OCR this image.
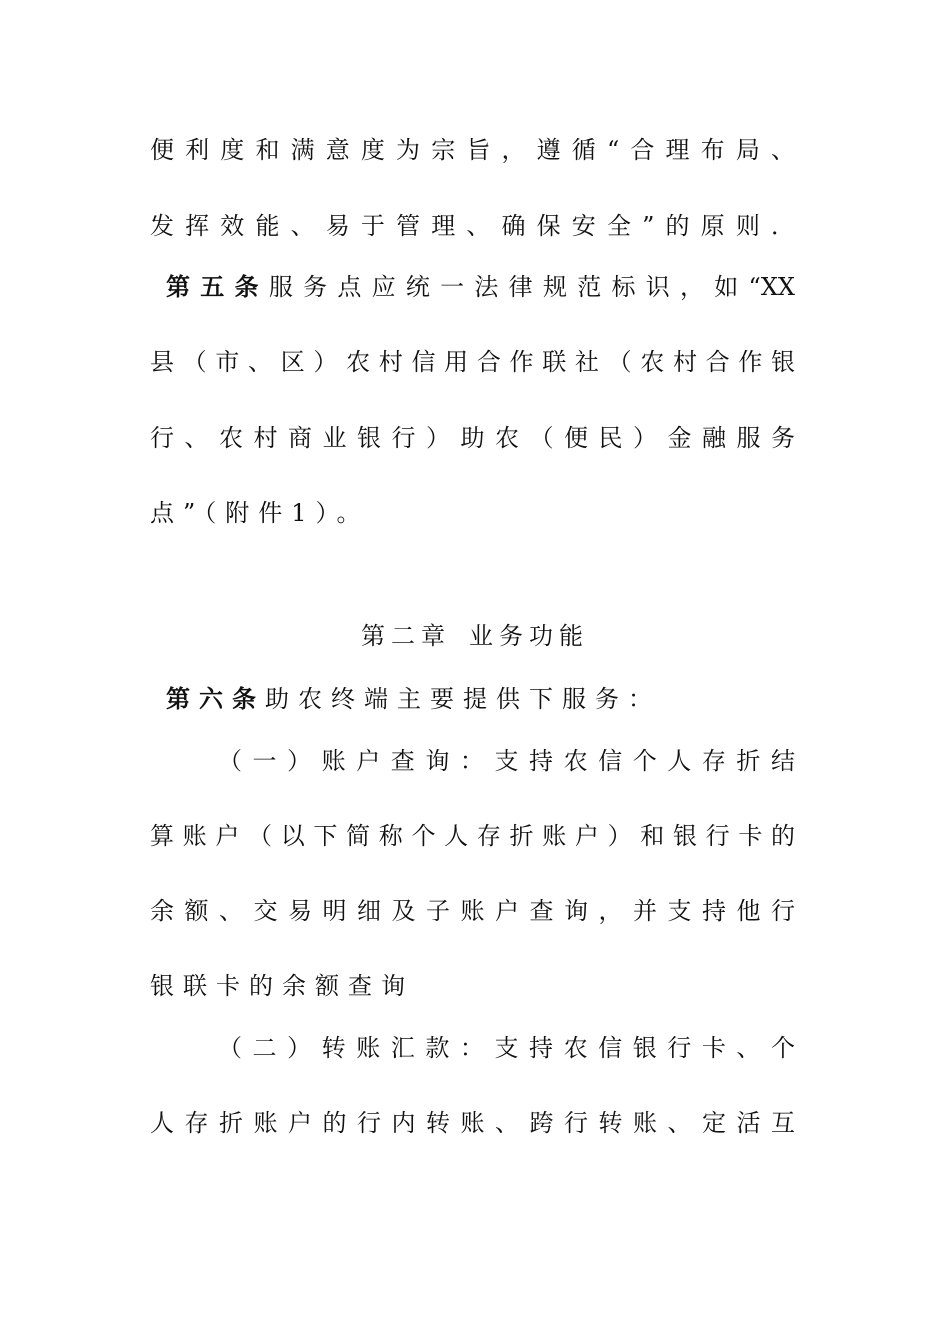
便利度和满意度为宗旨，遵循“合理布局、
发挥效能、易于管理、确保安全”的原则．
第五条服务点应统一法律规范标识，如“XX
县（市、区）农村信用合作联社（农村合作银
行、农村商业银行）助农（便民）金融服务
点”（附件1）。
第二章 业务功能
第六条助农终端主要提供下服务：
（一）账户查询：支持农信个人存折结
算账户（以下简称个人存折账户）和银行卡的
余额、交易明细及子账户查询，并支持他行
银联卡的余额查询
（二）转账汇款：支持农信银行卡、个
人存折账户的行内转账、跨行转账、定活互
